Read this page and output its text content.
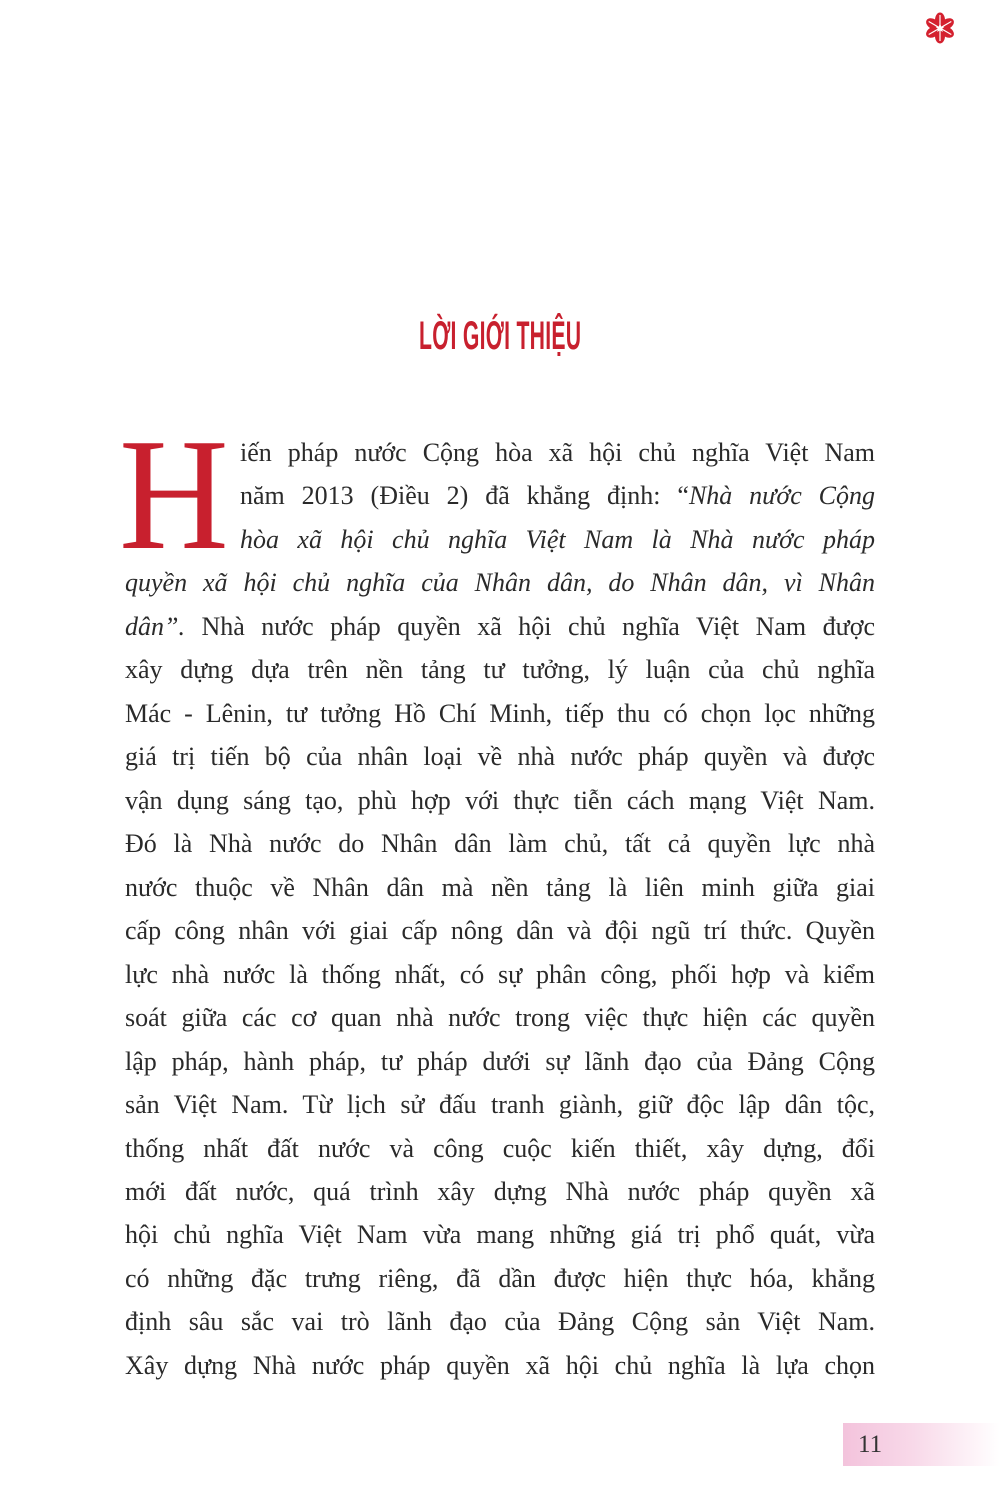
LỜI GIỚI THIỆU
H iến pháp nước Cộng hòa xã hội chủ nghĩa Việt Nam
năm 2013 (Điều 2) đã khẳng định: “Nhà nước Cộng
hòa xã hội chủ nghĩa Việt Nam là Nhà nước pháp
quyền xã hội chủ nghĩa của Nhân dân, do Nhân dân, vì Nhân
dân”. Nhà nước pháp quyền xã hội chủ nghĩa Việt Nam được
xây dựng dựa trên nền tảng tư tưởng, lý luận của chủ nghĩa
Mác - Lênin, tư tưởng Hồ Chí Minh, tiếp thu có chọn lọc những
giá trị tiến bộ của nhân loại về nhà nước pháp quyền và được
vận dụng sáng tạo, phù hợp với thực tiễn cách mạng Việt Nam.
Đó là Nhà nước do Nhân dân làm chủ, tất cả quyền lực nhà
nước thuộc về Nhân dân mà nền tảng là liên minh giữa giai
cấp công nhân với giai cấp nông dân và đội ngũ trí thức. Quyền
lực nhà nước là thống nhất, có sự phân công, phối hợp và kiểm
soát giữa các cơ quan nhà nước trong việc thực hiện các quyền
lập pháp, hành pháp, tư pháp dưới sự lãnh đạo của Đảng Cộng
sản Việt Nam. Từ lịch sử đấu tranh giành, giữ độc lập dân tộc,
thống nhất đất nước và công cuộc kiến thiết, xây dựng, đổi
mới đất nước, quá trình xây dựng Nhà nước pháp quyền xã
hội chủ nghĩa Việt Nam vừa mang những giá trị phổ quát, vừa
có những đặc trưng riêng, đã dần được hiện thực hóa, khẳng
định sâu sắc vai trò lãnh đạo của Đảng Cộng sản Việt Nam.
Xây dựng Nhà nước pháp quyền xã hội chủ nghĩa là lựa chọn
11
